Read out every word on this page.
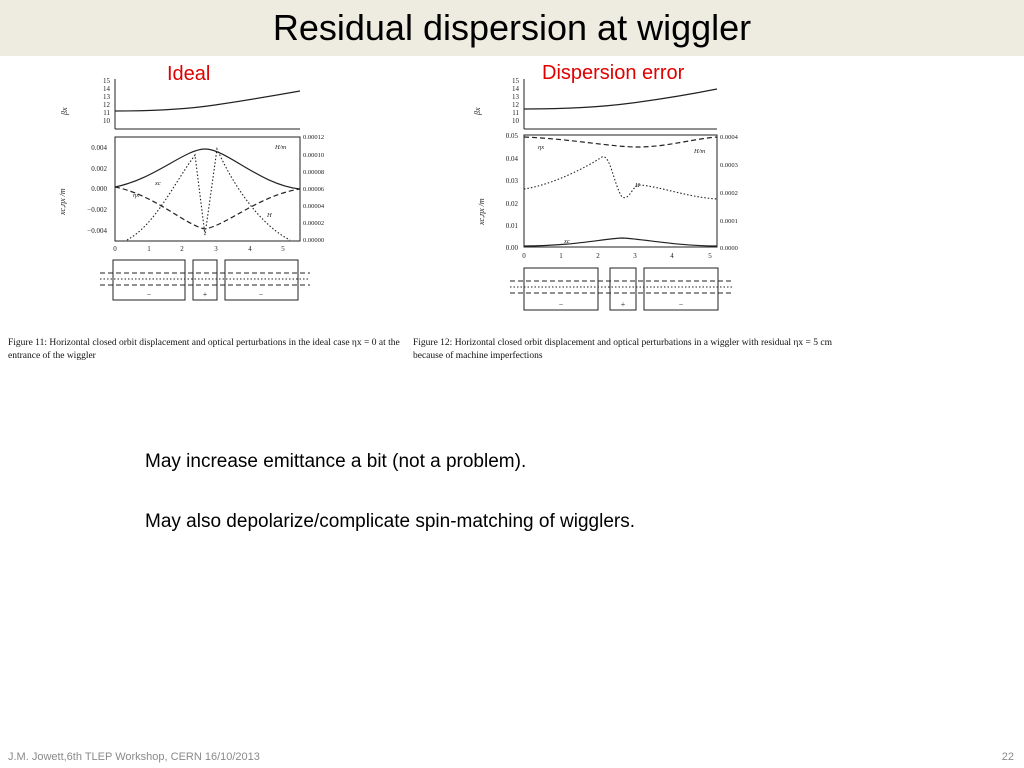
Residual dispersion at wiggler
Ideal	Dispersion error
βx
15
14
13
12
11
10
xc,ηx /m
0.004
0.002
0.000
−0.002
−0.004
0.00012
H/m
0.00010
0.00008
0.00006
0.00004
0.00002
0.00000
0	1	2	3	4	5
xc
ηx
H
−	+	−
βx
15
14
13
12
11
10
xc,ηx /m
0.05
0.04
0.03
0.02
0.01
0.00
0.0004
H/m
0.0003
0.0002
0.0001
0.0000
0	1	2	3	4	5
ηx
H
xc
−	+	−
Figure 11: Horizontal closed orbit displacement and optical perturbations in the ideal case ηx = 0 at the entrance of the wiggler
Figure 12: Horizontal closed orbit displacement and optical perturbations in a wiggler with residual ηx = 5 cm because of machine imperfections
May increase emittance a bit (not a problem).
May also depolarize/complicate spin-matching of wigglers.
J.M. Jowett,6th TLEP Workshop, CERN 16/10/2013	22
